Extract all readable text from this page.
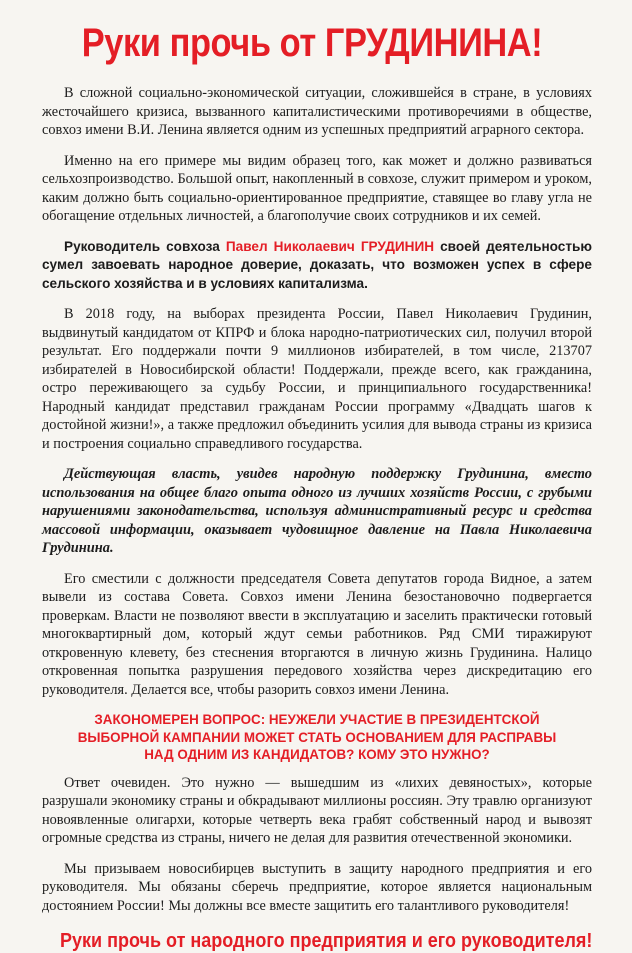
Руки прочь от ГРУДИНИНА!

В сложной социально-экономической ситуации, сложившейся в стране, в условиях жесточайшего кризиса, вызванного капиталистическими противоречиями в обществе, совхоз имени В.И. Ленина является одним из успешных предприятий аграрного сектора.

Именно на его примере мы видим образец того, как может и должно развиваться сельхозпроизводство. Большой опыт, накопленный в совхозе, служит примером и уроком, каким должно быть социально-ориентированное предприятие, ставящее во главу угла не обогащение отдельных личностей, а благополучие своих сотрудников и их семей.

Руководитель совхоза Павел Николаевич ГРУДИНИН своей деятельностью сумел завоевать народное доверие, доказать, что возможен успех в сфере сельского хозяйства и в условиях капитализма.

В 2018 году, на выборах президента России, Павел Николаевич Грудинин, выдвинутый кандидатом от КПРФ и блока народно-патриотических сил, получил второй результат. Его поддержали почти 9 миллионов избирателей, в том числе, 213707 избирателей в Новосибирской области! Поддержали, прежде всего, как гражданина, остро переживающего за судьбу России, и принципиального государственника! Народный кандидат представил гражданам России программу «Двадцать шагов к достойной жизни!», а также предложил объединить усилия для вывода страны из кризиса и построения социально справедливого государства.

Действующая власть, увидев народную поддержку Грудинина, вместо использования на общее благо опыта одного из лучших хозяйств России, с грубыми нарушениями законодательства, используя административный ресурс и средства массовой информации, оказывает чудовищное давление на Павла Николаевича Грудинина.

Его сместили с должности председателя Совета депутатов города Видное, а затем вывели из состава Совета. Совхоз имени Ленина безостановочно подвергается проверкам. Власти не позволяют ввести в эксплуатацию и заселить практически готовый многоквартирный дом, который ждут семьи работников. Ряд СМИ тиражируют откровенную клевету, без стеснения вторгаются в личную жизнь Грудинина. Налицо откровенная попытка разрушения передового хозяйства через дискредитацию его руководителя. Делается все, чтобы разорить совхоз имени Ленина.

ЗАКОНОМЕРЕН ВОПРОС: НЕУЖЕЛИ УЧАСТИЕ В ПРЕЗИДЕНТСКОЙ
ВЫБОРНОЙ КАМПАНИИ МОЖЕТ СТАТЬ ОСНОВАНИЕМ ДЛЯ РАСПРАВЫ
НАД ОДНИМ ИЗ КАНДИДАТОВ? КОМУ ЭТО НУЖНО?

Ответ очевиден. Это нужно — вышедшим из «лихих девяностых», которые разрушали экономику страны и обкрадывают миллионы россиян. Эту травлю организуют новоявленные олигархи, которые четверть века грабят собственный народ и вывозят огромные средства из страны, ничего не делая для развития отечественной экономики.

Мы призываем новосибирцев выступить в защиту народного предприятия и его руководителя. Мы обязаны сберечь предприятие, которое является национальным достоянием России! Мы должны все вместе защитить его талантливого руководителя!

Руки прочь от народного предприятия и его руководителя!
